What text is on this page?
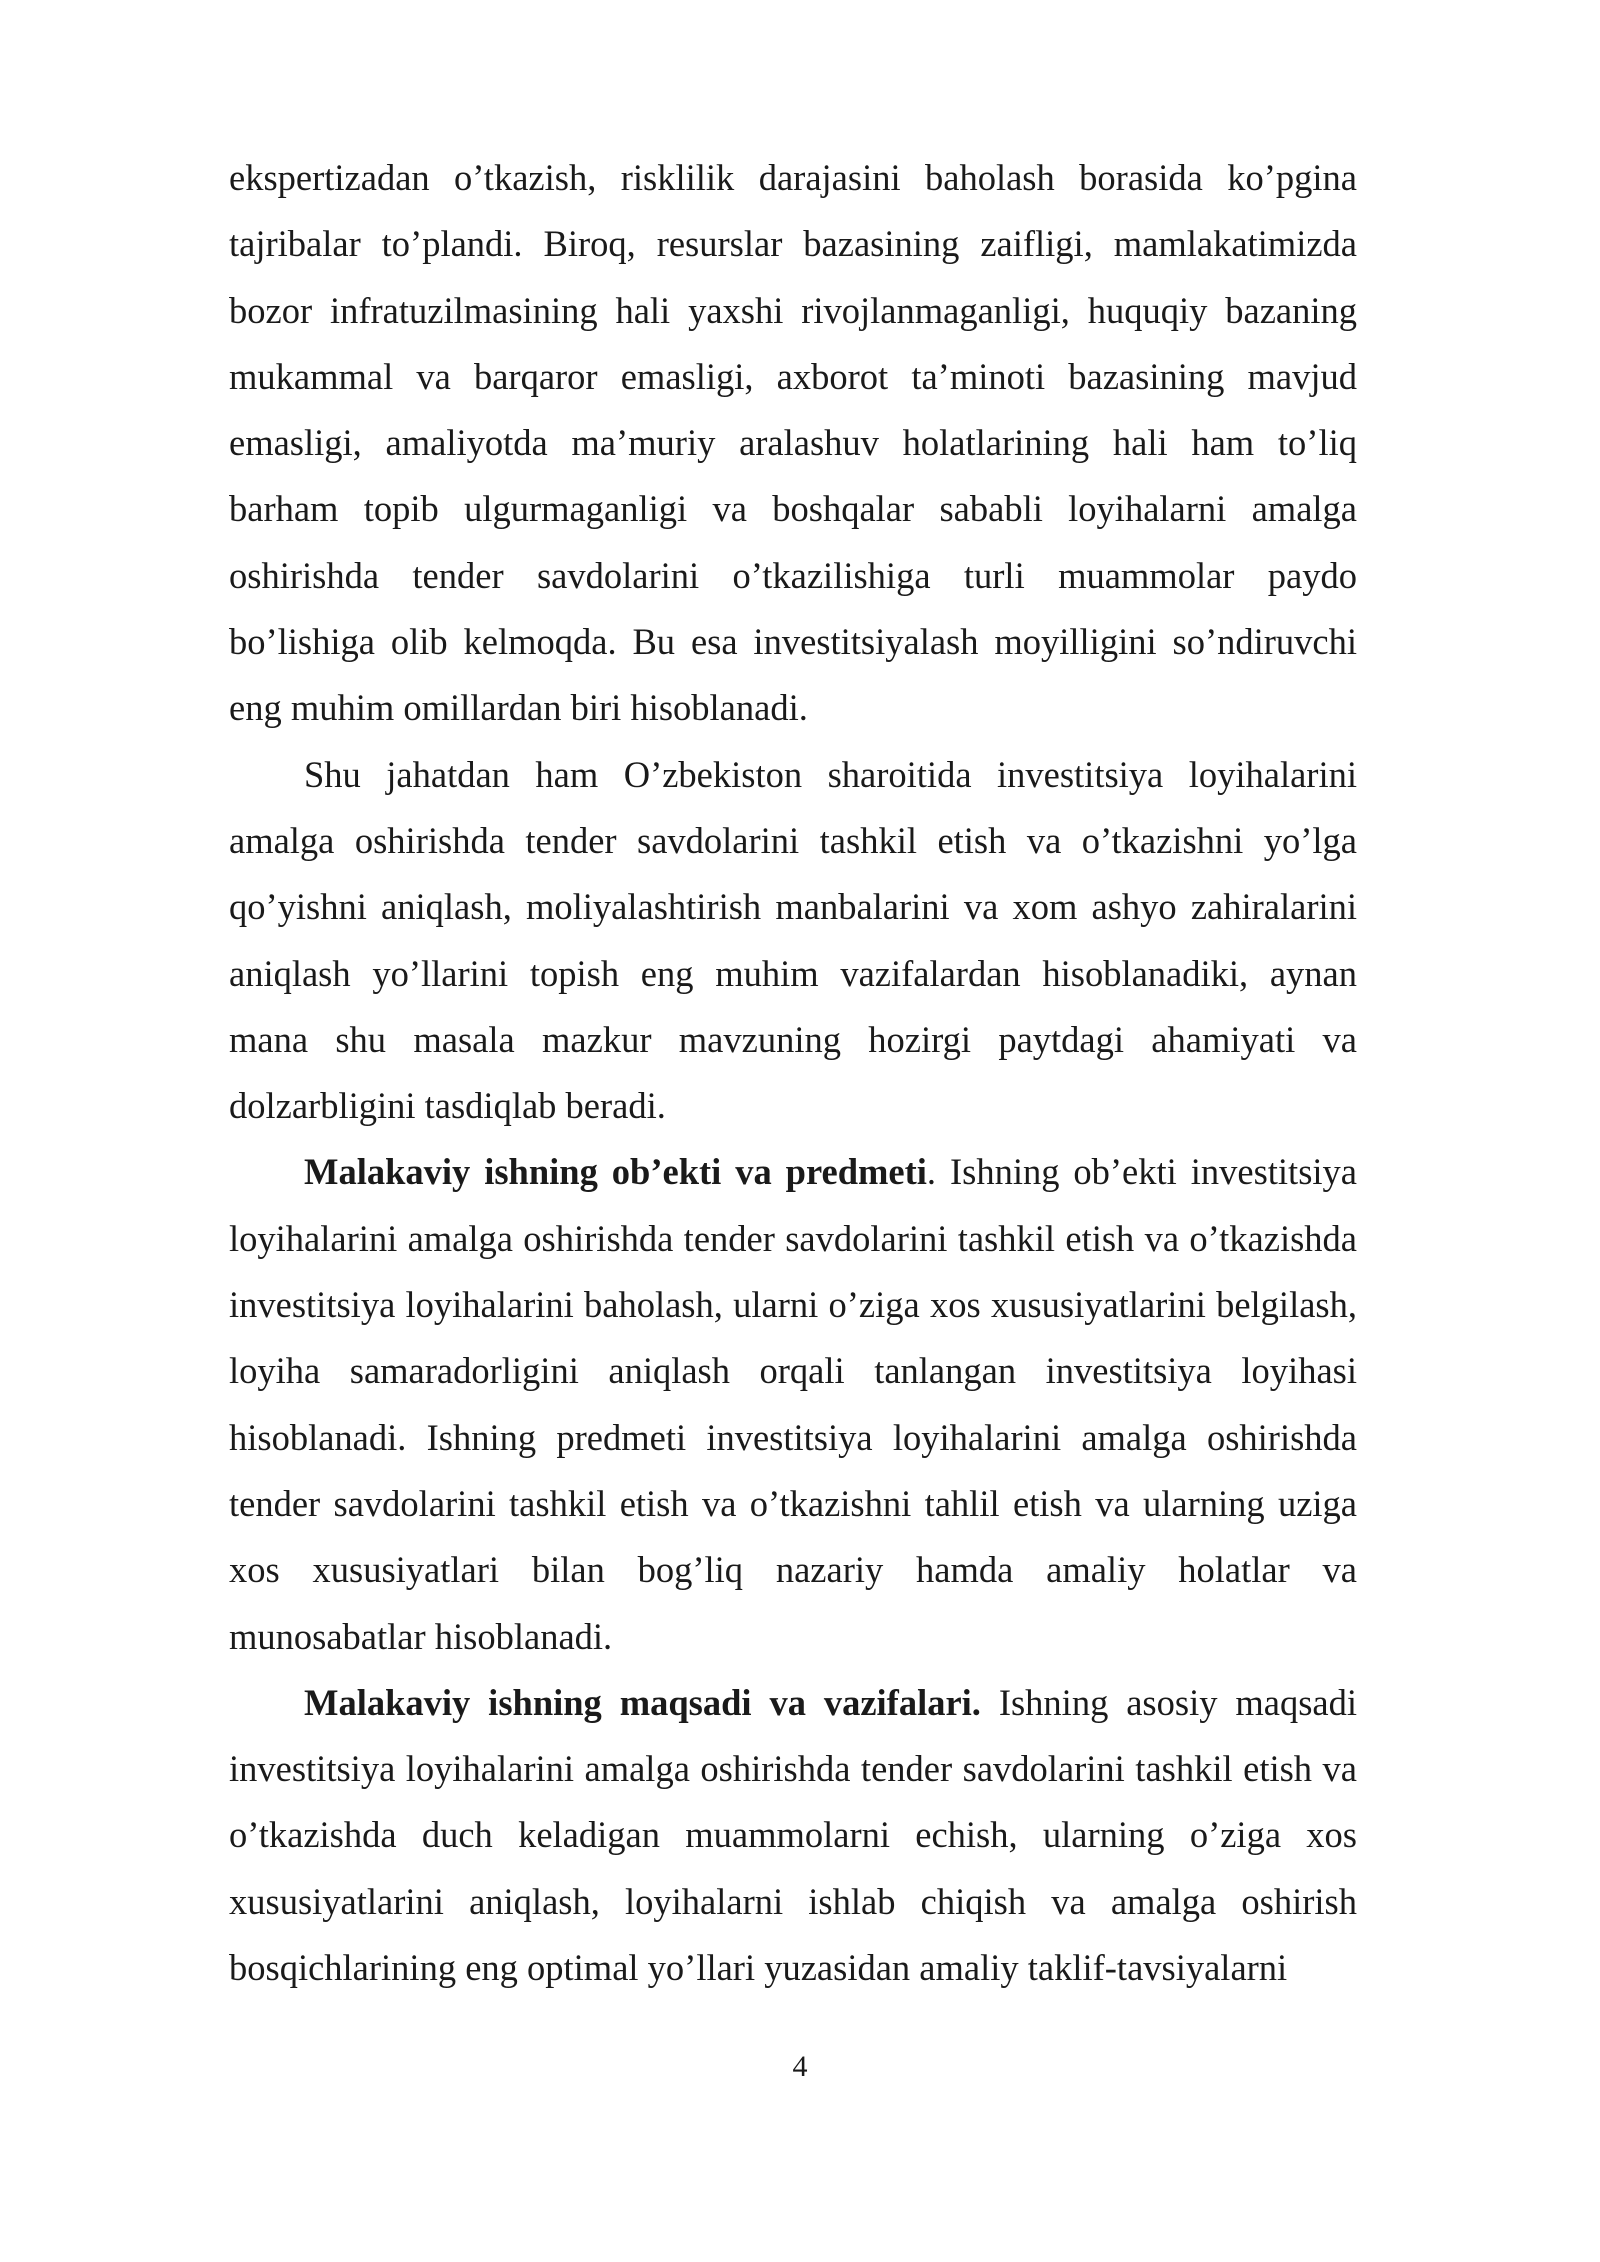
ekspertizadan o’tkazish, risklilik darajasini baholash borasida ko’pgina tajribalar to’plandi. Biroq, resurslar bazasining zaifligi, mamlakatimizda bozor infratuzilmasining hali yaxshi rivojlanmaganligi, huquqiy bazaning mukammal va barqaror emasligi, axborot ta’minoti bazasining mavjud emasligi, amaliyotda ma’muriy aralashuv holatlarining hali ham to’liq barham topib ulgurmaganligi va boshqalar sababli loyihalarni amalga oshirishda tender savdolarini o’tkazilishiga turli muammolar paydo bo’lishiga olib kelmoqda. Bu esa investitsiyalash moyilligini so’ndiruvchi eng muhim omillardan biri hisoblanadi.

Shu jahatdan ham O’zbekiston sharoitida investitsiya loyihalarini amalga oshirishda tender savdolarini tashkil etish va o’tkazishni yo’lga qo’yishni aniqlash, moliyalashtirish manbalarini va xom ashyo zahiralarini aniqlash yo’llarini topish eng muhim vazifalardan hisoblanadiki, aynan mana shu masala mazkur mavzuning hozirgi paytdagi ahamiyati va dolzarbligini tasdiqlab beradi.

Malakaviy ishning ob’ekti va predmeti. Ishning ob’ekti investitsiya loyihalarini amalga oshirishda tender savdolarini tashkil etish va o’tkazishda investitsiya loyihalarini baholash, ularni o’ziga xos xususiyatlarini belgilash, loyiha samaradorligini aniqlash orqali tanlangan investitsiya loyihasi hisoblanadi. Ishning predmeti investitsiya loyihalarini amalga oshirishda tender savdolarini tashkil etish va o’tkazishni tahlil etish va ularning uziga xos xususiyatlari bilan bog’liq nazariy hamda amaliy holatlar va munosabatlar hisoblanadi.

Malakaviy ishning maqsadi va vazifalari. Ishning asosiy maqsadi investitsiya loyihalarini amalga oshirishda tender savdolarini tashkil etish va o’tkazishda duch keladigan muammolarni echish, ularning o’ziga xos xususiyatlarini aniqlash, loyihalarni ishlab chiqish va amalga oshirish bosqichlarining eng optimal yo’llari yuzasidan amaliy taklif-tavsiyalarni

4
